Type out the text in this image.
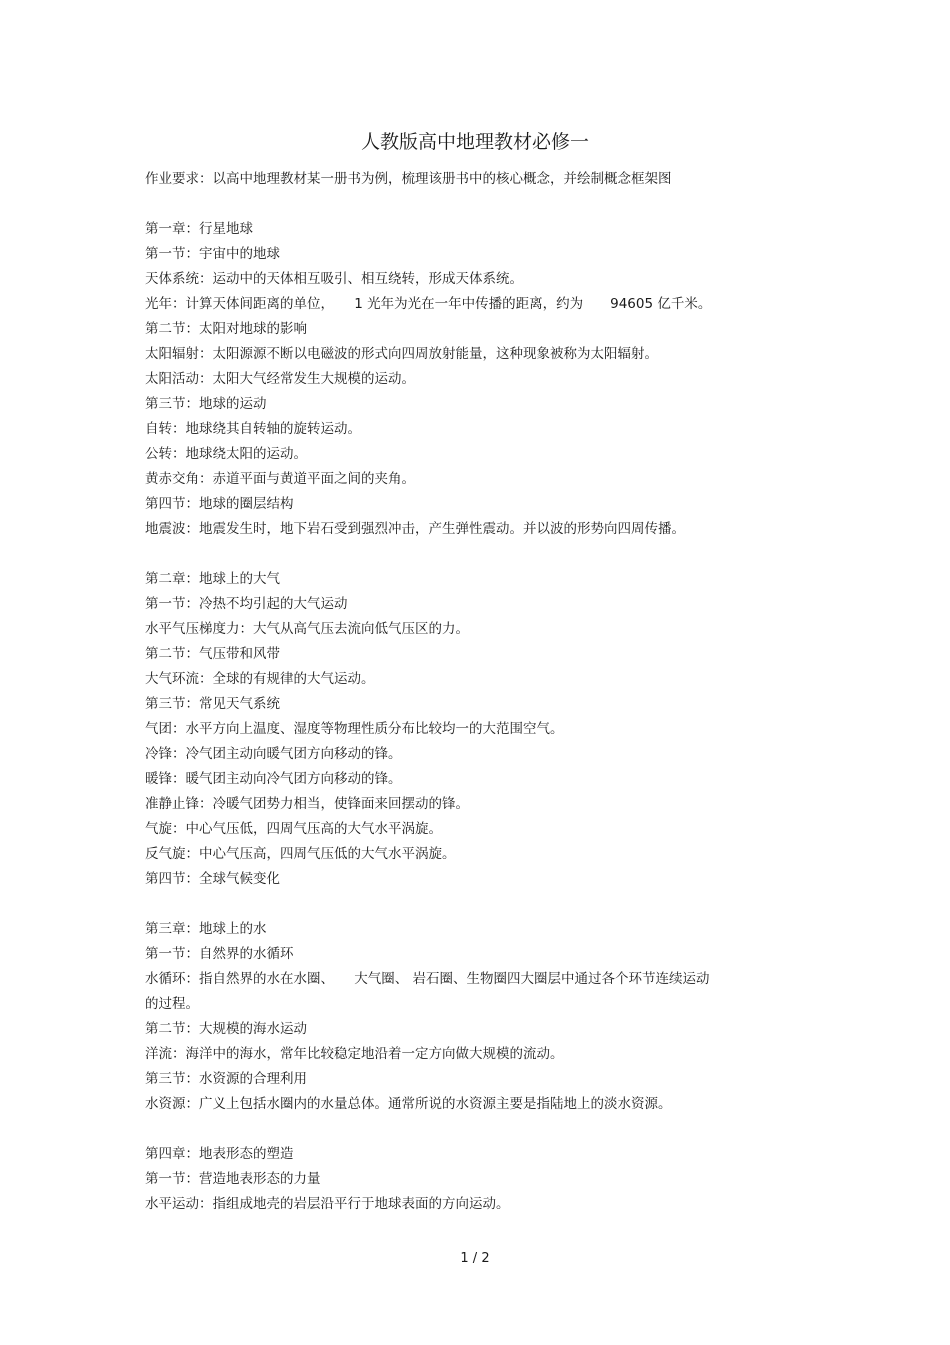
人教版高中地理教材必修一
作业要求：以高中地理教材某一册书为例，梳理该册书中的核心概念，并绘制概念框架图
第一章：行星地球
第一节：宇宙中的地球
天体系统：运动中的天体相互吸引、相互绕转，形成天体系统。
光年：计算天体间距离的单位，　　1 光年为光在一年中传播的距离，约为　　94605 亿千米。
第二节：太阳对地球的影响
太阳辐射：太阳源源不断以电磁波的形式向四周放射能量，这种现象被称为太阳辐射。
太阳活动：太阳大气经常发生大规模的运动。
第三节：地球的运动
自转：地球绕其自转轴的旋转运动。
公转：地球绕太阳的运动。
黄赤交角：赤道平面与黄道平面之间的夹角。
第四节：地球的圈层结构
地震波：地震发生时，地下岩石受到强烈冲击，产生弹性震动。并以波的形势向四周传播。
第二章：地球上的大气
第一节：冷热不均引起的大气运动
水平气压梯度力：大气从高气压去流向低气压区的力。
第二节：气压带和风带
大气环流：全球的有规律的大气运动。
第三节：常见天气系统
气团：水平方向上温度、湿度等物理性质分布比较均一的大范围空气。
冷锋：冷气团主动向暖气团方向移动的锋。
暖锋：暖气团主动向冷气团方向移动的锋。
准静止锋：冷暖气团势力相当，使锋面来回摆动的锋。
气旋：中心气压低，四周气压高的大气水平涡旋。
反气旋：中心气压高，四周气压低的大气水平涡旋。
第四节：全球气候变化
第三章：地球上的水
第一节：自然界的水循环
水循环：指自然界的水在水圈、　　大气圈、 岩石圈、生物圈四大圈层中通过各个环节连续运动
的过程。
第二节：大规模的海水运动
洋流：海洋中的海水，常年比较稳定地沿着一定方向做大规模的流动。
第三节：水资源的合理利用
水资源：广义上包括水圈内的水量总体。通常所说的水资源主要是指陆地上的淡水资源。
第四章：地表形态的塑造
第一节：营造地表形态的力量
水平运动：指组成地壳的岩层沿平行于地球表面的方向运动。
1 / 2
